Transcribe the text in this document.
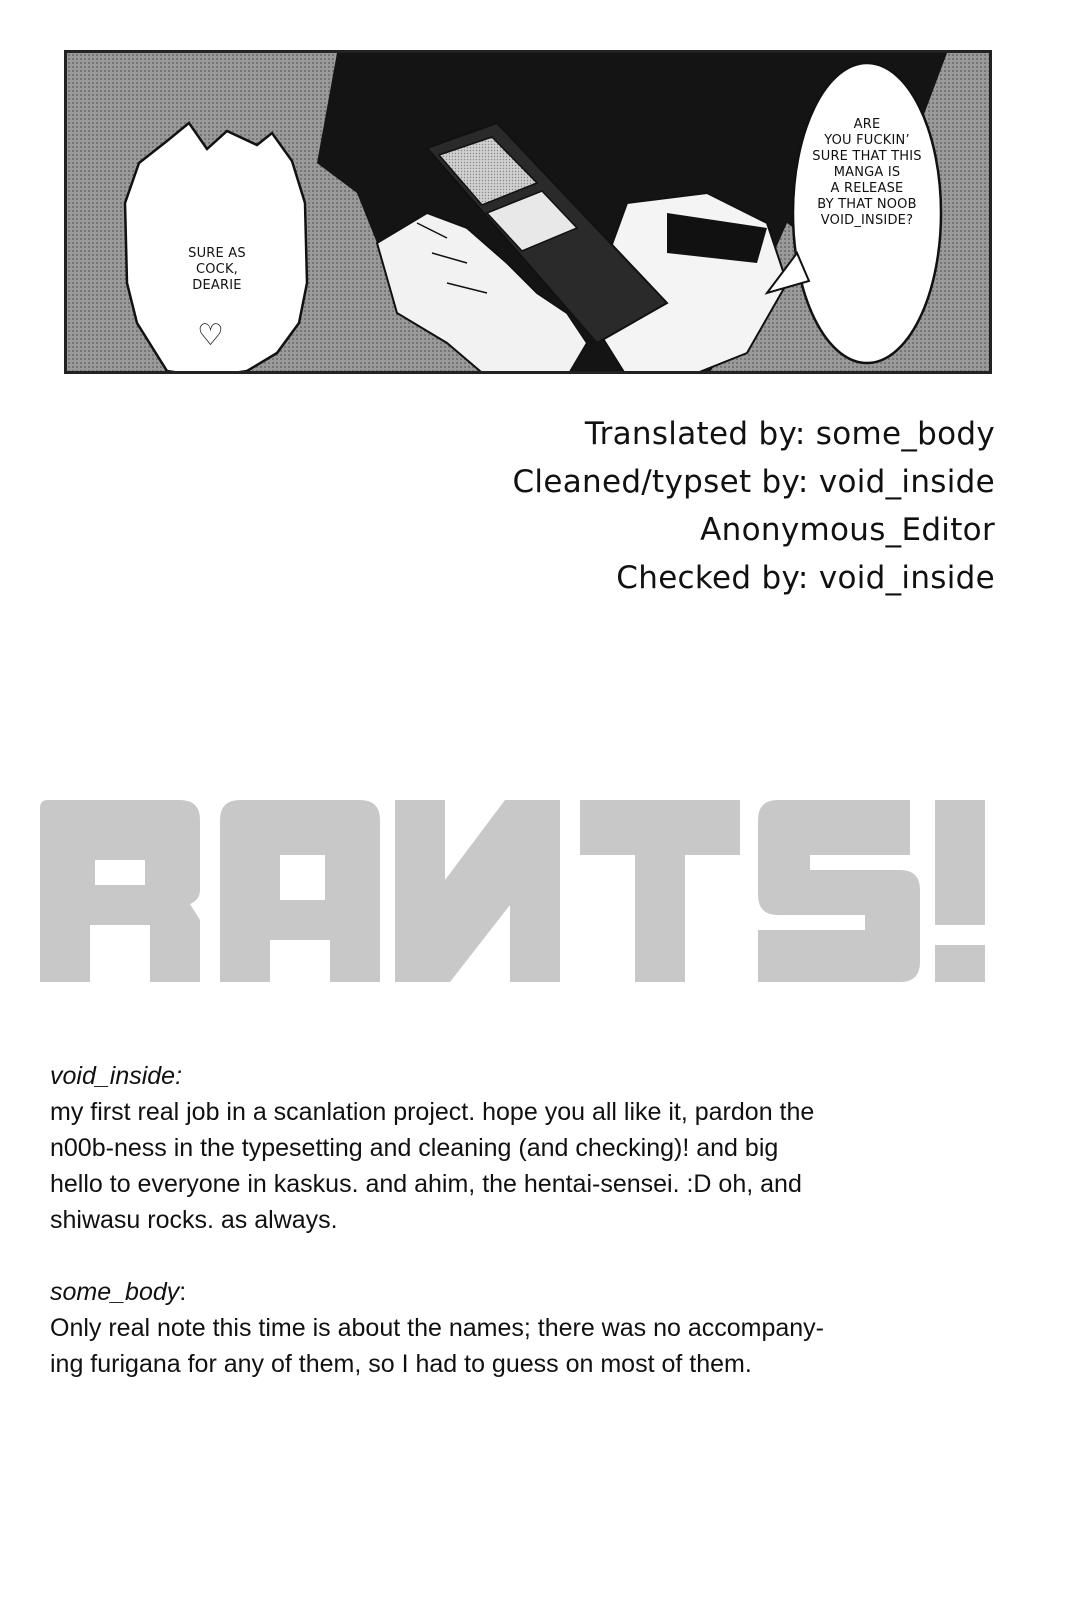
SURE AS
COCK,
DEARIE
♡
ARE
YOU FUCKIN’
SURE THAT THIS
MANGA IS
A RELEASE
BY THAT NOOB
VOID_INSIDE?
Translated by: some_body
Cleaned/typset by: void_inside
Anonymous_Editor
Checked by: void_inside
void_inside:
my first real job in a scanlation project. hope you all like it, pardon the
n00b-ness in the typesetting and cleaning (and checking)! and big
hello to everyone in kaskus. and ahim, the hentai-sensei. :D oh, and
shiwasu rocks. as always.
some_body:
Only real note this time is about the names; there was no accompany-
ing furigana for any of them, so I had to guess on most of them.
